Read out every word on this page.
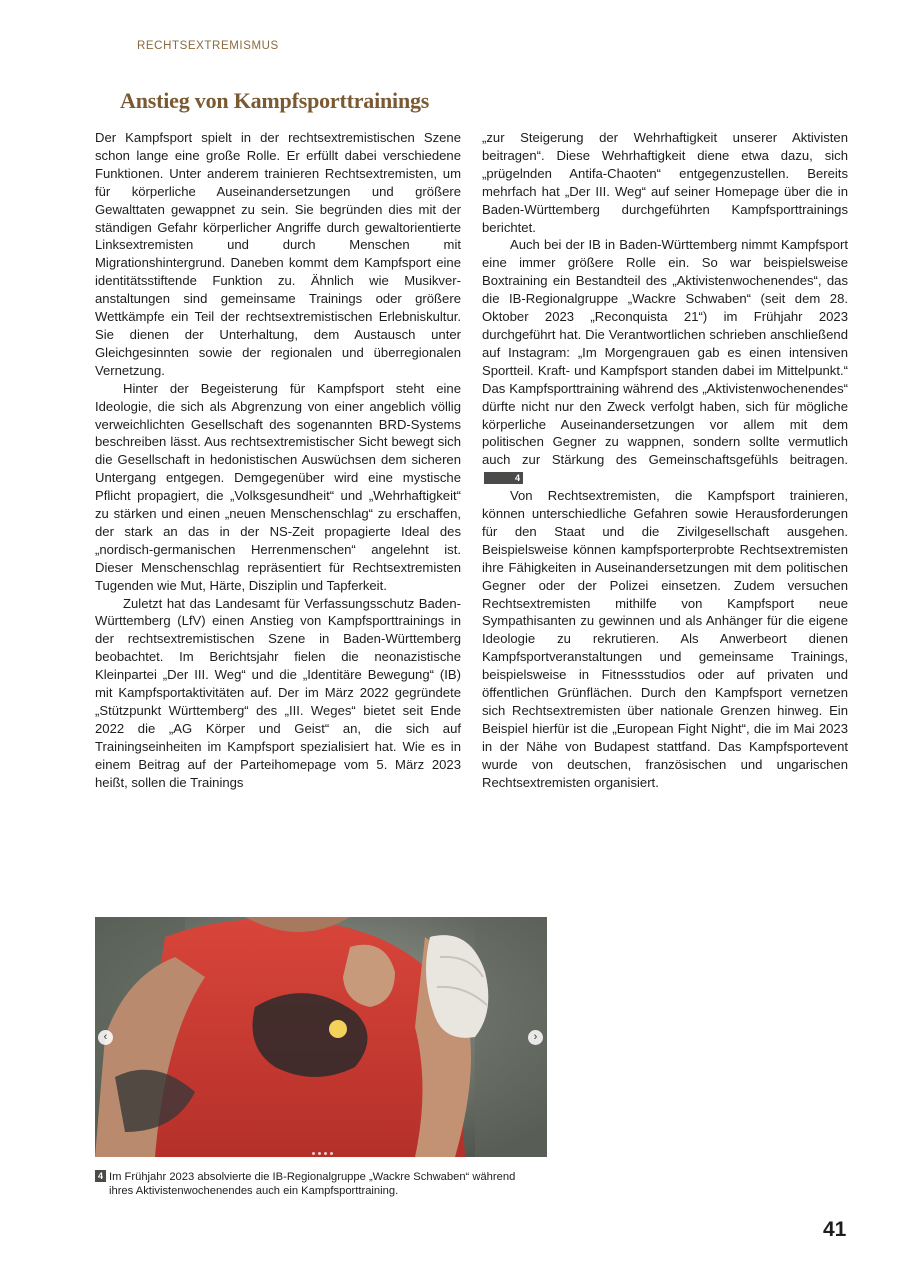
RECHTSEXTREMISMUS
Anstieg von Kampfsporttrainings

Der Kampfsport spielt in der rechtsextremistischen Szene schon lange eine große Rolle. Er erfüllt dabei verschiedene Funktionen. Unter anderem trainieren Rechtsextremisten, um für körperliche Auseinandersetzungen und größere Gewalttaten gewappnet zu sein. Sie begründen dies mit der ständigen Gefahr körperlicher Angriffe durch gewaltorientierte Linksextremisten und durch Menschen mit Migrationshintergrund. Daneben kommt dem Kampfsport eine identitätsstiftende Funktion zu. Ähnlich wie Musikveranstaltungen sind gemeinsame Trainings oder größere Wettkämpfe ein Teil der rechtsextremistischen Erlebniskultur. Sie dienen der Unterhaltung, dem Austausch unter Gleichgesinnten sowie der regionalen und überregionalen Vernetzung.

Hinter der Begeisterung für Kampfsport steht eine Ideologie, die sich als Abgrenzung von einer angeblich völlig verweichlichten Gesellschaft des sogenannten BRD-Systems beschreiben lässt. Aus rechtsextremistischer Sicht bewegt sich die Gesellschaft in hedonistischen Auswüchsen dem sicheren Untergang entgegen. Demgegenüber wird eine mystische Pflicht propagiert, die „Volksgesundheit“ und „Wehrhaftigkeit“ zu stärken und einen „neuen Menschenschlag“ zu erschaffen, der stark an das in der NS-Zeit propagierte Ideal des „nordisch-germanischen Herrenmenschen“ angelehnt ist. Dieser Menschenschlag repräsentiert für Rechtsextremisten Tugenden wie Mut, Härte, Disziplin und Tapferkeit.

Zuletzt hat das Landesamt für Verfassungsschutz Baden-Württemberg (LfV) einen Anstieg von Kampfsporttrainings in der rechtsextremistischen Szene in Baden-Württemberg beobachtet. Im Berichtsjahr fielen die neonazistische Kleinpartei „Der III. Weg“ und die „Identitäre Bewegung“ (IB) mit Kampfsportaktivitäten auf. Der im März 2022 gegründete „Stützpunkt Württemberg“ des „III. Weges“ bietet seit Ende 2022 die „AG Körper und Geist“ an, die sich auf Trainingseinheiten im Kampfsport spezialisiert hat. Wie es in einem Beitrag auf der Parteihomepage vom 5. März 2023 heißt, sollen die Trainings

„zur Steigerung der Wehrhaftigkeit unserer Aktivisten beitragen“. Diese Wehrhaftigkeit diene etwa dazu, sich „prügelnden Antifa-Chaoten“ entgegenzustellen. Bereits mehrfach hat „Der III. Weg“ auf seiner Homepage über die in Baden-Württemberg durchgeführten Kampfsporttrainings berichtet.

Auch bei der IB in Baden-Württemberg nimmt Kampfsport eine immer größere Rolle ein. So war beispielsweise Boxtraining ein Bestandteil des „Aktivistenwochenendes“, das die IB-Regionalgruppe „Wackre Schwaben“ (seit dem 28. Oktober 2023 „Reconquista 21“) im Frühjahr 2023 durchgeführt hat. Die Verantwortlichen schrieben anschließend auf Instagram: „Im Morgengrauen gab es einen intensiven Sportteil. Kraft- und Kampfsport standen dabei im Mittelpunkt.“ Das Kampfsporttraining während des „Aktivistenwochenendes“ dürfte nicht nur den Zweck verfolgt haben, sich für mögliche körperliche Auseinandersetzungen vor allem mit dem politischen Gegner zu wappnen, sondern sollte vermutlich auch zur Stärkung des Gemeinschaftsgefühls beitragen. 4

Von Rechtsextremisten, die Kampfsport trainieren, können unterschiedliche Gefahren sowie Herausforderungen für den Staat und die Zivilgesellschaft ausgehen. Beispielsweise können kampfsporterprobte Rechtsextremisten ihre Fähigkeiten in Auseinandersetzungen mit dem politischen Gegner oder der Polizei einsetzen. Zudem versuchen Rechtsextremisten mithilfe von Kampfsport neue Sympathisanten zu gewinnen und als Anhänger für die eigene Ideologie zu rekrutieren. Als Anwerbeort dienen Kampfsportveranstaltungen und gemeinsame Trainings, beispielsweise in Fitnessstudios oder auf privaten und öffentlichen Grünflächen. Durch den Kampfsport vernetzen sich Rechtsextremisten über nationale Grenzen hinweg. Ein Beispiel hierfür ist die „European Fight Night“, die im Mai 2023 in der Nähe von Budapest stattfand. Das Kampfsportevent wurde von deutschen, französischen und ungarischen Rechtsextremisten organisiert.

‹	›
4 Im Frühjahr 2023 absolvierte die IB-Regionalgruppe „Wackre Schwaben“ während
ihres Aktivistenwochenendes auch ein Kampfsporttraining.
41
